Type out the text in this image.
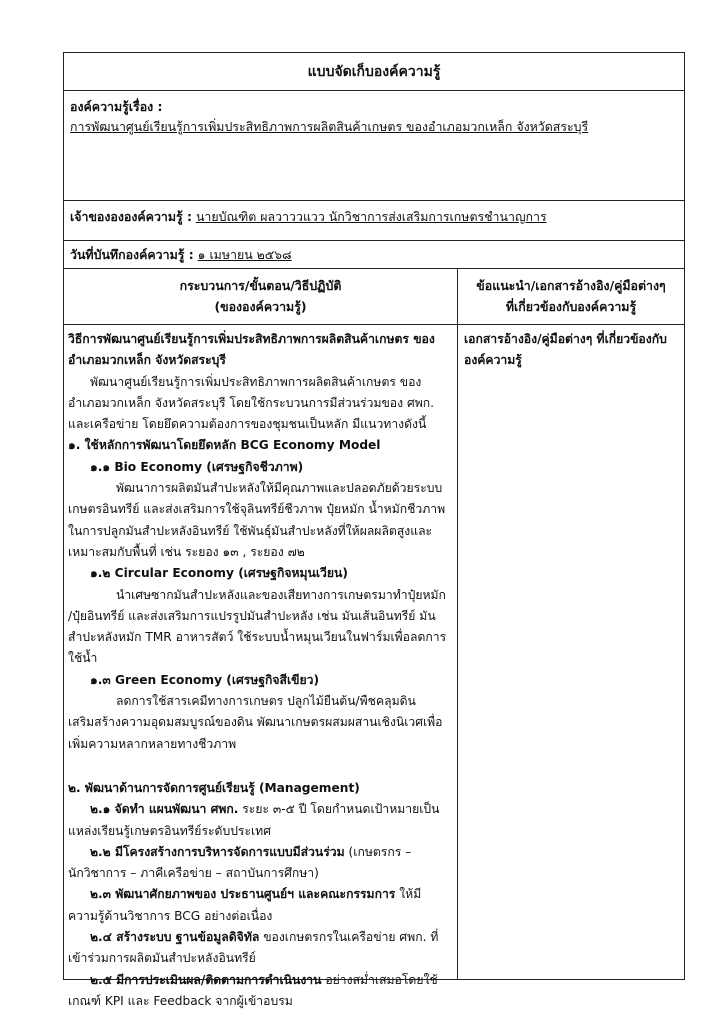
แบบจัดเก็บองค์ความรู้
องค์ความรู้เรื่อง :
การพัฒนาศูนย์เรียนรู้การเพิ่มประสิทธิภาพการผลิตสินค้าเกษตร ของอำเภอมวกเหล็ก จังหวัดสระบุรี
เจ้าของององค์ความรู้ : นายบัณฑิต ผลวาววแวว นักวิชาการส่งเสริมการเกษตรชำนาญการ
วันที่บันทึกองค์ความรู้ : ๑ เมษายน ๒๕๖๘
กระบวนการ/ขั้นตอน/วิธีปฏิบัติ
(ขององค์ความรู้)
ข้อแนะนำ/เอกสารอ้างอิง/คู่มือต่างๆ
ที่เกี่ยวข้องกับองค์ความรู้

วิธีการพัฒนาศูนย์เรียนรู้การเพิ่มประสิทธิภาพการผลิตสินค้าเกษตร ของ

อำเภอมวกเหล็ก จังหวัดสระบุรี

พัฒนาศูนย์เรียนรู้การเพิ่มประสิทธิภาพการผลิตสินค้าเกษตร ของ

อำเภอมวกเหล็ก จังหวัดสระบุรี โดยใช้กระบวนการมีส่วนร่วมของ ศพก.

และเครือข่าย โดยยึดความต้องการของชุมชนเป็นหลัก มีแนวทางดังนี้

๑. ใช้หลักการพัฒนาโดยยึดหลัก BCG Economy Model

๑.๑ Bio Economy (เศรษฐกิจชีวภาพ)

พัฒนาการผลิตมันสำปะหลังให้มีคุณภาพและปลอดภัยด้วยระบบ

เกษตรอินทรีย์ และส่งเสริมการใช้จุลินทรีย์ชีวภาพ ปุ๋ยหมัก น้ำหมักชีวภาพ

ในการปลูกมันสำปะหลังอินทรีย์ ใช้พันธุ์มันสำปะหลังที่ให้ผลผลิตสูงและ

เหมาะสมกับพื้นที่ เช่น ระยอง ๑๓ , ระยอง ๗๒

๑.๒ Circular Economy (เศรษฐกิจหมุนเวียน)

นำเศษซากมันสำปะหลังและของเสียทางการเกษตรมาทำปุ๋ยหมัก

/ปุ๋ยอินทรีย์ และส่งเสริมการแปรรูปมันสำปะหลัง เช่น มันเส้นอินทรีย์ มัน

สำปะหลังหมัก TMR อาหารสัตว์ ใช้ระบบน้ำหมุนเวียนในฟาร์มเพื่อลดการ

ใช้น้ำ

๑.๓ Green Economy (เศรษฐกิจสีเขียว)

ลดการใช้สารเคมีทางการเกษตร ปลูกไม้ยืนต้น/พืชคลุมดิน

เสริมสร้างความอุดมสมบูรณ์ของดิน พัฒนาเกษตรผสมผสานเชิงนิเวศเพื่อ

เพิ่มความหลากหลายทางชีวภาพ

๒. พัฒนาด้านการจัดการศูนย์เรียนรู้ (Management)

๒.๑ จัดทำ แผนพัฒนา ศพก. ระยะ ๓-๕ ปี โดยกำหนดเป้าหมายเป็น

แหล่งเรียนรู้เกษตรอินทรีย์ระดับประเทศ

๒.๒ มีโครงสร้างการบริหารจัดการแบบมีส่วนร่วม (เกษตรกร –

นักวิชาการ – ภาคีเครือข่าย – สถาบันการศึกษา)

๒.๓ พัฒนาศักยภาพของ ประธานศูนย์ฯ และคณะกรรมการ ให้มี

ความรู้ด้านวิชาการ BCG อย่างต่อเนื่อง

๒.๔ สร้างระบบ ฐานข้อมูลดิจิทัล ของเกษตรกรในเครือข่าย ศพก. ที่

เข้าร่วมการผลิตมันสำปะหลังอินทรีย์

๒.๕ มีการประเมินผล/ติดตามการดำเนินงาน อย่างสม่ำเสมอโดยใช้

เกณฑ์ KPI และ Feedback จากผู้เข้าอบรม

เอกสารอ้างอิง/คู่มือต่างๆ ที่เกี่ยวข้องกับ
องค์ความรู้
